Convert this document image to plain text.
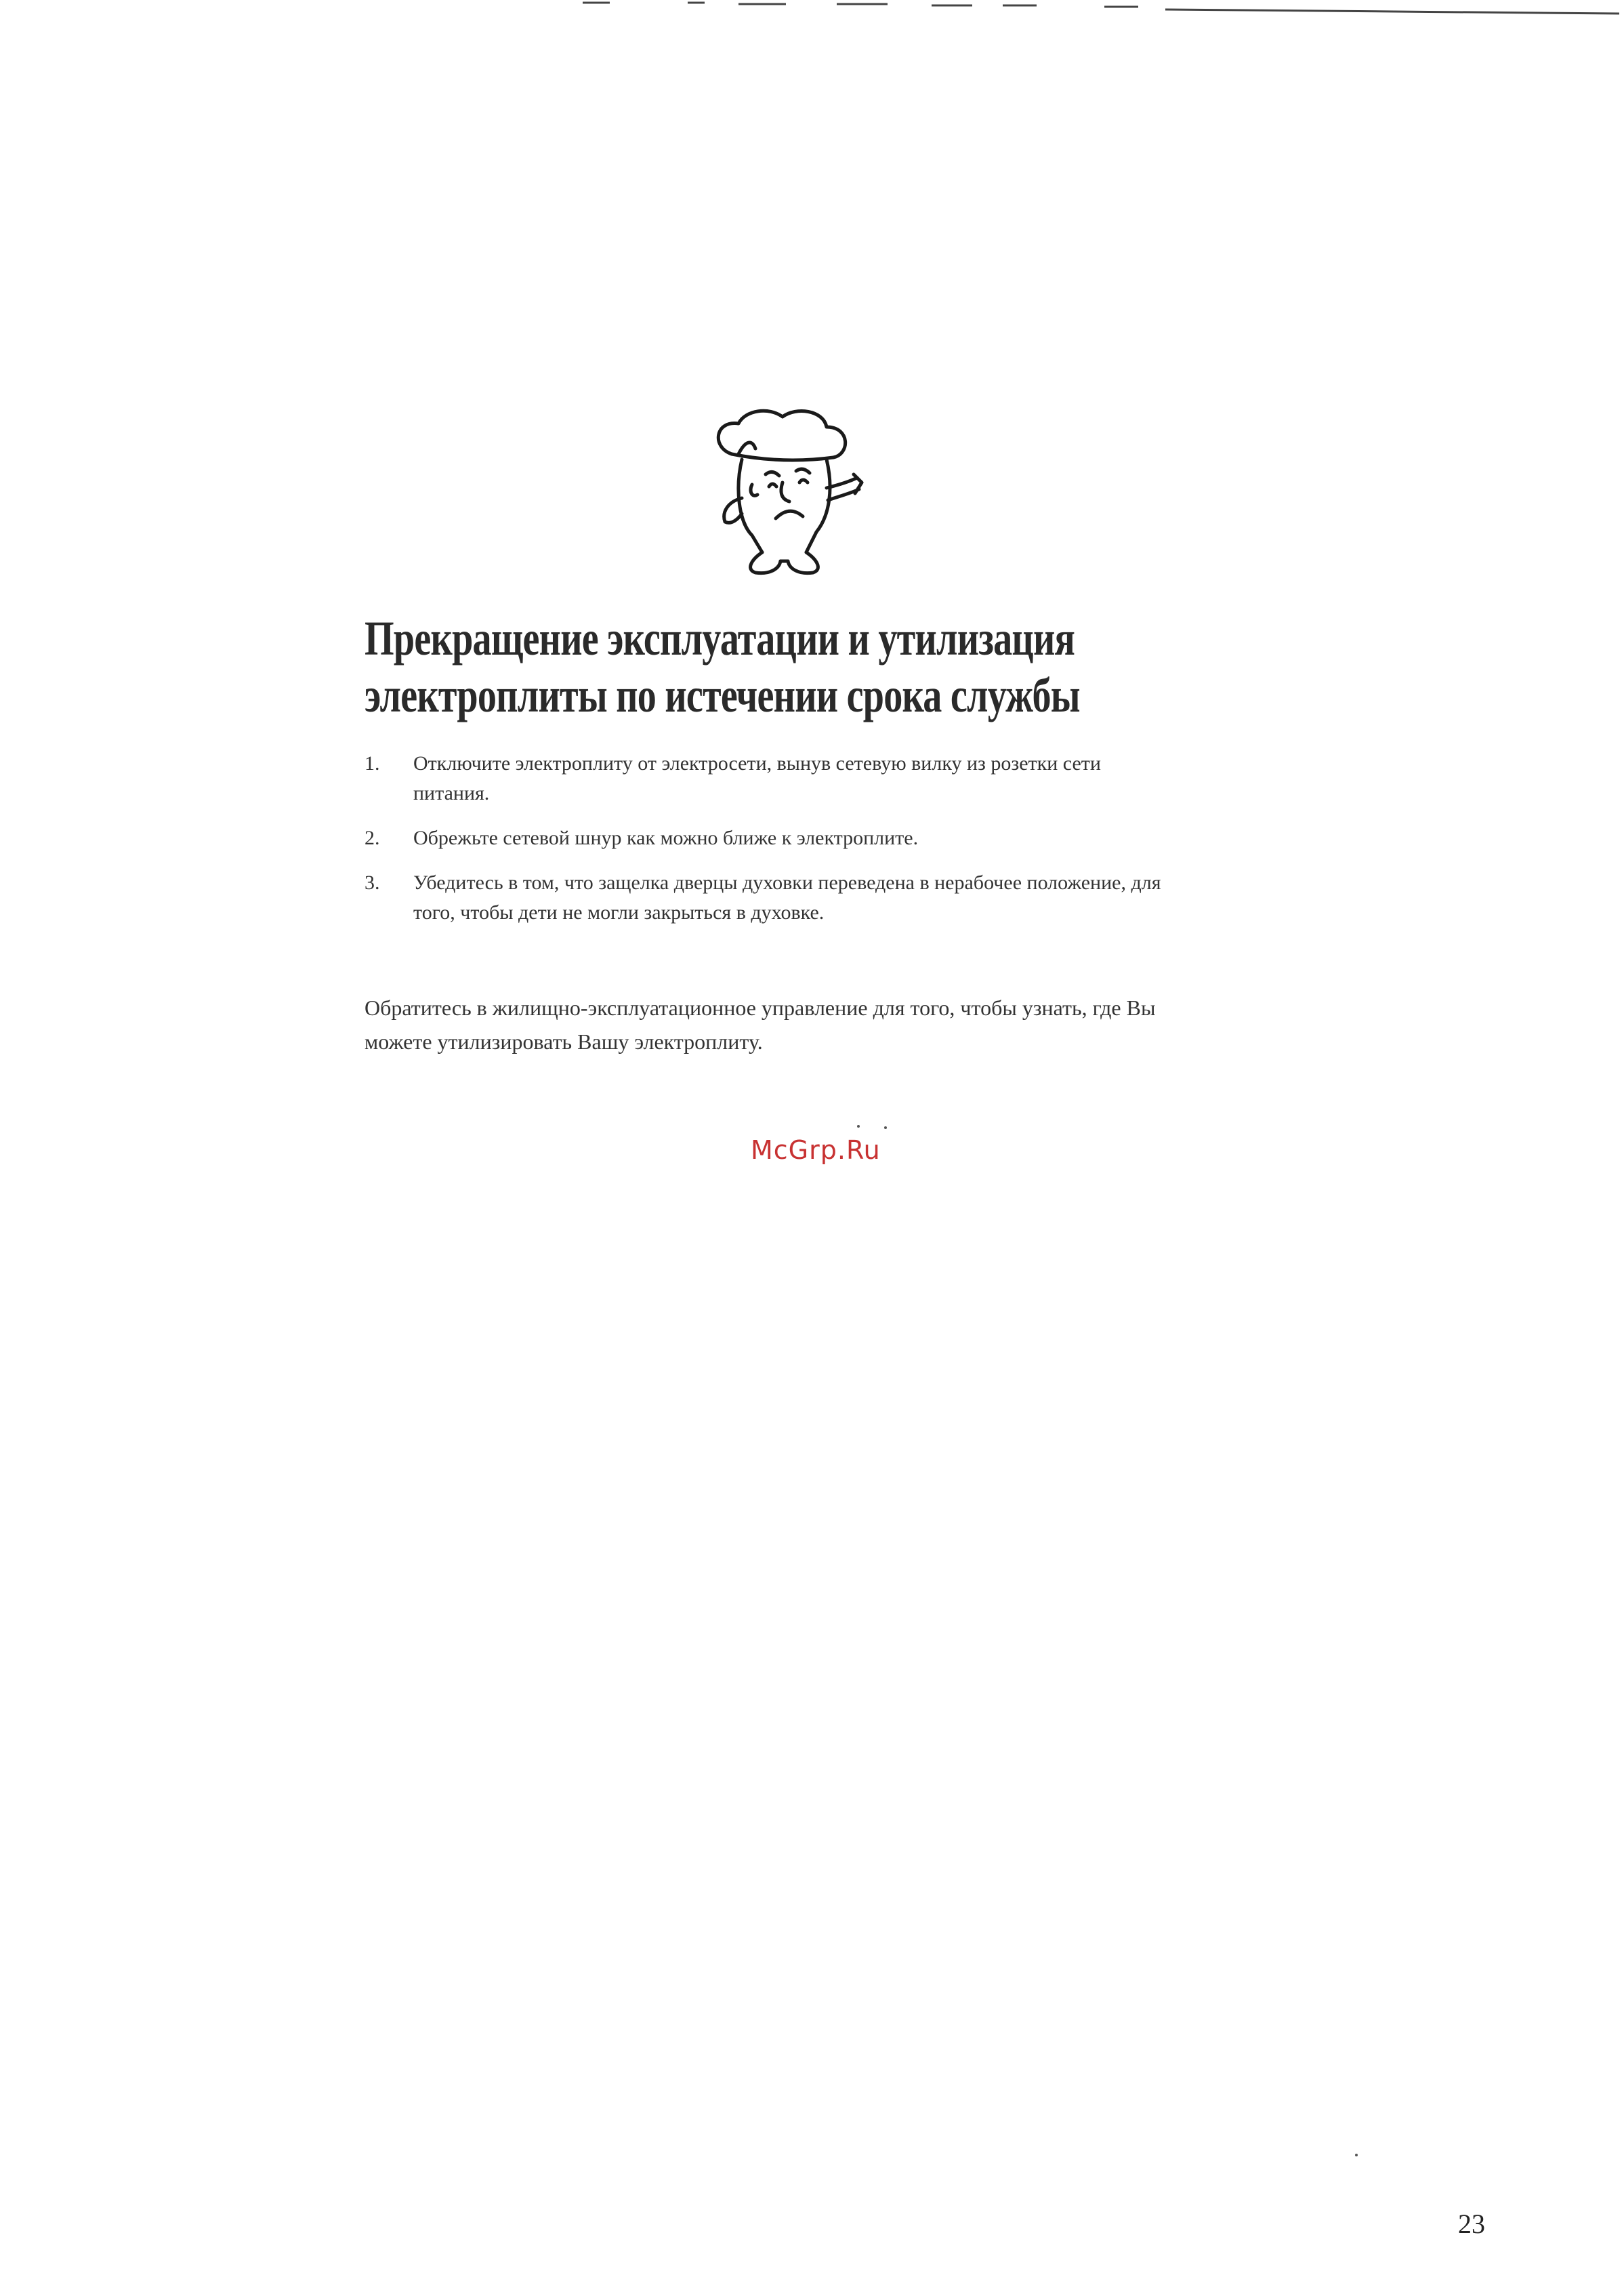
Прекращение эксплуатации и утилизация
электроплиты по истечении срока службы
1. Отключите электроплиту от электросети, вынув сетевую вилку из розетки сети питания.
2. Обрежьте сетевой шнур как можно ближе к электроплите.
3. Убедитесь в том, что защелка дверцы духовки переведена в нерабочее положение, для того, чтобы дети не могли закрыться в духовке.

Обратитесь в жилищно-эксплуатационное управление для того, чтобы узнать, где Вы можете утилизировать Вашу электроплиту.

McGrp.Ru
23
